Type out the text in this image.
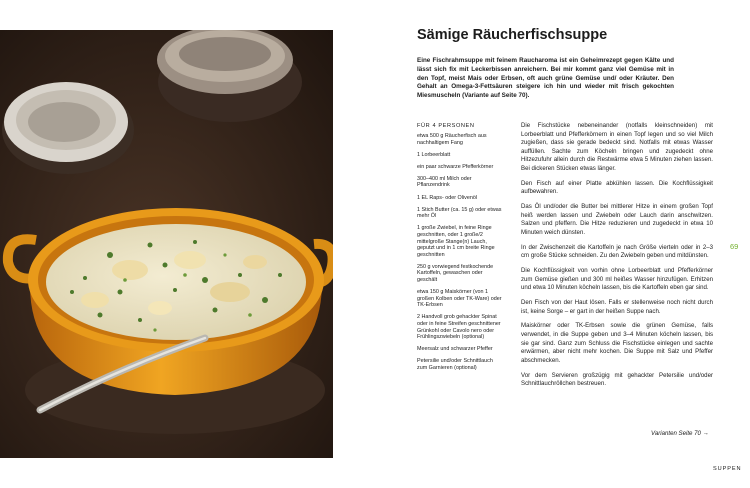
Sämige Räucherfischsuppe

Eine Fischrahmsuppe mit feinem Raucharoma ist ein Geheimrezept gegen Kälte und lässt sich fix mit Leckerbissen anreichern. Bei mir kommt ganz viel Gemüse mit in den Topf, meist Mais oder Erbsen, oft auch grüne Gemüse und/ oder Kräuter. Den Gehalt an Omega-3-Fettsäuren steigere ich hin und wieder mit frisch gekochten Miesmuscheln (Variante auf Seite 70).

FÜR 4 PERSONEN

etwa 500 g Räucherfisch aus nachhaltigem Fang
1 Lorbeerblatt
ein paar schwarze Pfefferkörner
300–400 ml Milch oder Pflanzendrink
1 EL Raps- oder Olivenöl
1 Stich Butter (ca. 15 g) oder etwas mehr Öl
1 große Zwiebel, in feine Ringe geschnitten, oder 1 große/2 mittelgroße Stange(n) Lauch, geputzt und in 1 cm breite Ringe geschnitten
250 g vorwiegend festkochende Kartoffeln, gewaschen oder geschält
etwa 150 g Maiskörner (von 1 großen Kolben oder TK-Ware) oder TK-Erbsen
2 Handvoll grob gehackter Spinat oder in feine Streifen geschnittener Grünkohl oder Cavolo nero oder Frühlingszwiebeln (optional)
Meersalz und schwarzer Pfeffer
Petersilie und/oder Schnittlauch zum Garnieren (optional)

Die Fischstücke nebeneinander (notfalls kleinschneiden) mit Lorbeerblatt und Pfefferkörnern in einen Topf legen und so viel Milch zugießen, dass sie gerade bedeckt sind. Notfalls mit etwas Wasser auffüllen. Sachte zum Köcheln bringen und zugedeckt ohne Hitzezufuhr allein durch die Restwärme etwa 5 Minuten ziehen lassen. Bei dickeren Stücken etwas länger.

Den Fisch auf einer Platte abkühlen lassen. Die Kochflüssigkeit aufbewahren.

Das Öl und/oder die Butter bei mittlerer Hitze in einem großen Topf heiß werden lassen und Zwiebeln oder Lauch darin anschwitzen. Salzen und pfeffern. Die Hitze reduzieren und zugedeckt in etwa 10 Minuten weich dünsten.

In der Zwischenzeit die Kartoffeln je nach Größe vierteln oder in 2–3 cm große Stücke schneiden. Zu den Zwiebeln geben und mitdünsten.

Die Kochflüssigkeit von vorhin ohne Lorbeerblatt und Pfefferkörner zum Gemüse gießen und 300 ml heißes Wasser hinzufügen. Erhitzen und etwa 10 Minuten köcheln lassen, bis die Kartoffeln eben gar sind.

Den Fisch von der Haut lösen. Falls er stellenweise noch nicht durch ist, keine Sorge – er gart in der heißen Suppe nach.

Maiskörner oder TK-Erbsen sowie die grünen Gemüse, falls verwendet, in die Suppe geben und 3–4 Minuten köcheln lassen, bis sie gar sind. Ganz zum Schluss die Fischstücke einlegen und sachte erwärmen, aber nicht mehr kochen. Die Suppe mit Salz und Pfeffer abschmecken.

Vor dem Servieren großzügig mit gehackter Petersilie und/oder Schnittlauchröllchen bestreuen.

Varianten Seite 70 →

69

SUPPEN
